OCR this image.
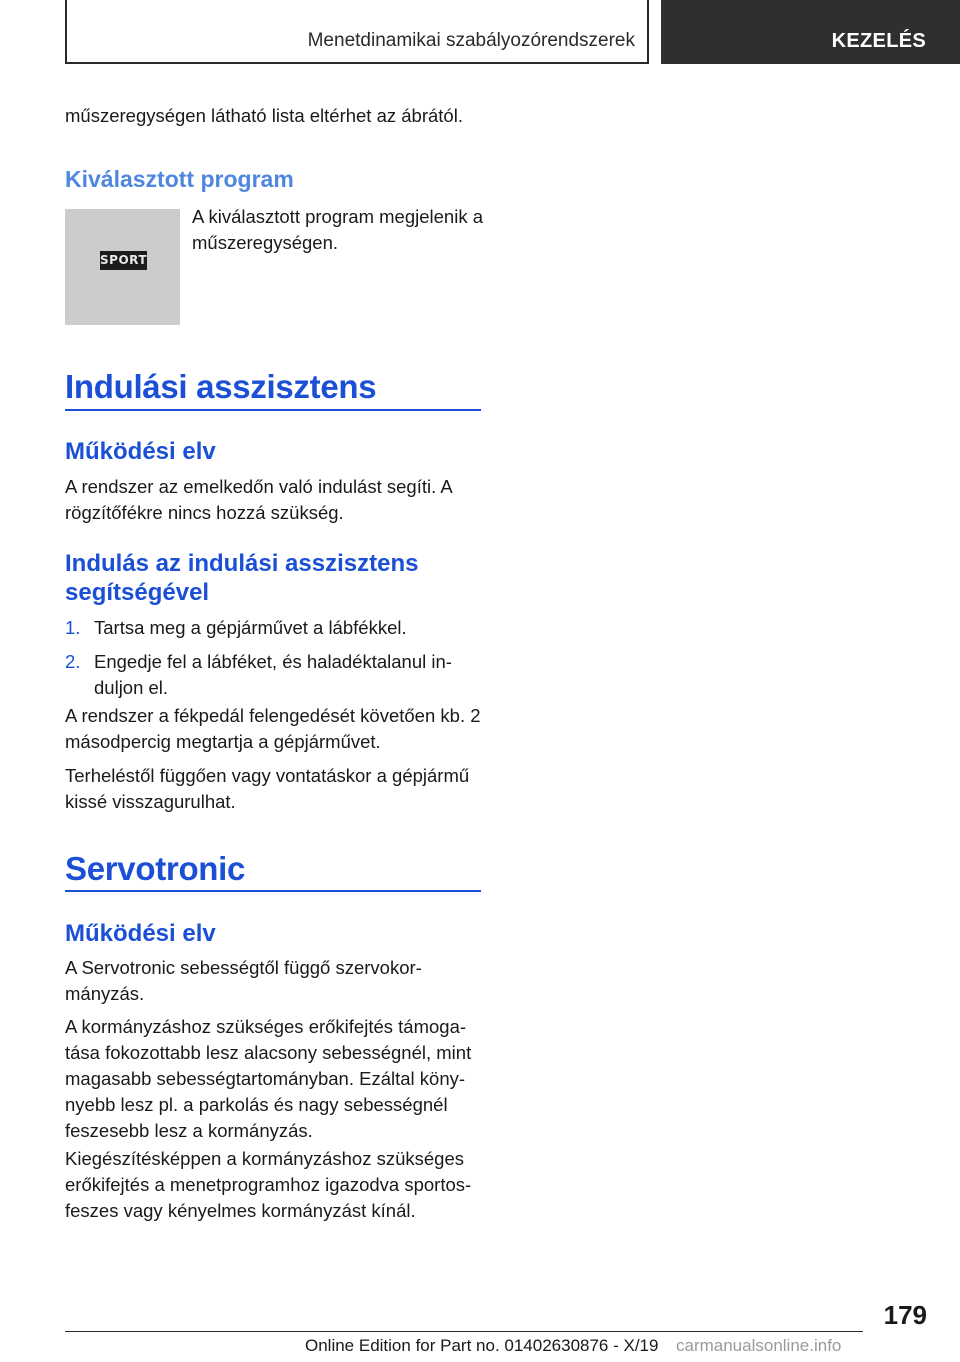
Menetdinamikai szabályozórendszerek	KEZELÉS

műszeregységen látható lista eltérhet az ábrától.

Kiválasztott program
SPORT

A kiválasztott program megjelenik a műszeregységen.

Indulási asszisztens
Működési elv

A rendszer az emelkedőn való indulást segíti. A rögzítőfékre nincs hozzá szükség.

Indulás az indulási asszisztens segítségével
1. Tartsa meg a gépjárművet a lábfékkel.
2. Engedje fel a lábféket, és haladéktalanul induljon el.

A rendszer a fékpedál felengedését követően kb. 2 másodpercig megtartja a gépjárművet.

Terheléstől függően vagy vontatáskor a gépjármű kissé visszagurulhat.

Servotronic
Működési elv

A Servotronic sebességtől függő szervokormányzás.

A kormányzáshoz szükséges erőkifejtés támogatása fokozottabb lesz alacsony sebességnél, mint magasabb sebességtartományban. Ezáltal könynyebb lesz pl. a parkolás és nagy sebességnél feszesebb lesz a kormányzás.

Kiegészítésképpen a kormányzáshoz szükséges erőkifejtés a menetprogramhoz igazodva sportos-feszes vagy kényelmes kormányzást kínál.

179
Online Edition for Part no. 01402630876 - X/19 carmanualsonline.info
